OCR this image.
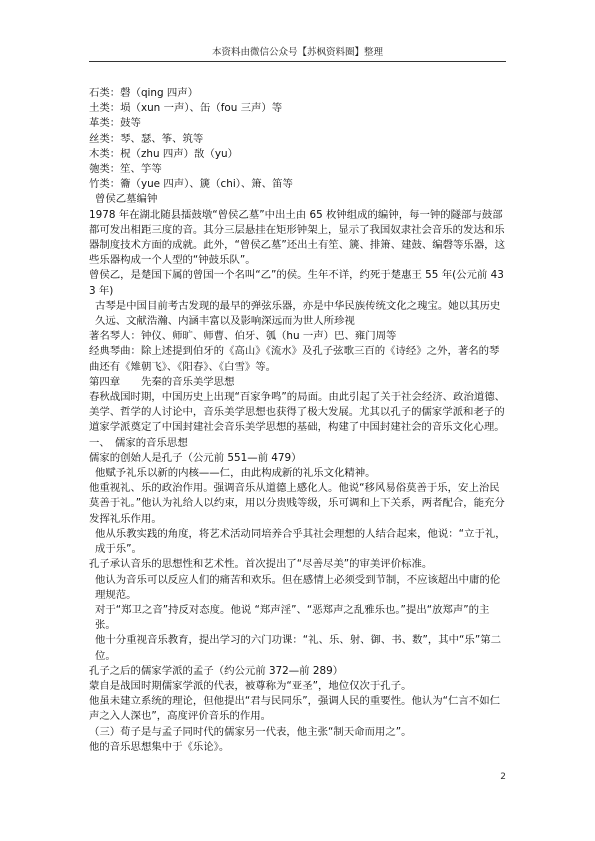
本资料由微信公众号【苏枫资料圈】整理
石类：磬（qing 四声）
土类：埙（xun 一声）、缶（fou 三声）等
革类：鼓等
丝类：琴、瑟、筝、筑等
木类：柷（zhu 四声）敔（yu）
匏类：笙、竽等
竹类：籥（yue 四声）、篪（chi）、箫、笛等
曾侯乙墓编钟
1978 年在湖北随县擂鼓墩“曾侯乙墓”中出土由 65 枚钟组成的编钟，每一钟的隧部与鼓部都可发出相距三度的音。其分三层悬挂在矩形钟架上，显示了我国奴隶社会音乐的发达和乐器制度技术方面的成就。此外，“曾侯乙墓”还出土有笙、篪、排箫、建鼓、编磬等乐器，这些乐器构成一个人型的“钟鼓乐队”。
曾侯乙，是楚国下属的曾国一个名叫“乙”的侯。生年不详，约死于楚惠王 55 年(公元前 433 年)
古琴是中国目前考古发现的最早的弹弦乐器，亦是中华民族传统文化之瑰宝。她以其历史久远、文献浩瀚、内涵丰富以及影响深远而为世人所珍视
著名琴人：钟仪、师旷、师曹、伯牙、瓠（hu 一声）巴、雍门周等
经典琴曲：除上述提到伯牙的《高山》《流水》及孔子弦歌三百的《诗经》之外，著名的琴曲还有《雉朝飞》、《阳春》、《白雪》等。
第四章　　先秦的音乐美学思想
春秋战国时期，中国历史上出现“百家争鸣”的局面。由此引起了关于社会经济、政治道德、美学、哲学的人讨论中，音乐美学思想也获得了极大发展。尤其以孔子的儒家学派和老子的道家学派奠定了中国封建社会音乐美学思想的基础，构建了中国封建社会的音乐文化心理。
一、　儒家的音乐思想
儒家的创始人是孔子（公元前 551—前 479）
他赋予礼乐以新的内核——仁，由此构成新的礼乐文化精神。
他重视礼、乐的政治作用。强调音乐从道德上感化人。他说“移风易俗莫善于乐，安上治民莫善于礼。”他认为礼给人以约束，用以分贵贱等级，乐可调和上下关系，两者配合，能充分发挥礼乐作用。
他从乐教实践的角度，将艺术活动同培养合乎其社会理想的人结合起来，他说：“立于礼，成于乐”。
孔子承认音乐的思想性和艺术性。首次提出了“尽善尽美”的审美评价标准。
他认为音乐可以反应人们的痛苦和欢乐。但在感情上必须受到节制，不应该超出中庸的伦理规范。
对于“郑卫之音”持反对态度。他说 “郑声淫”、“恶郑声之乱雅乐也。”提出“放郑声”的主张。
他十分重视音乐教育，提出学习的六门功课：“礼、乐、射、御、书、数”，其中“乐”第二位。
孔子之后的儒家学派的孟子（约公元前 372—前 289）
蒙自是战国时期儒家学派的代表，被尊称为“亚圣”，地位仅次于孔子。
他虽未建立系统的理论，但他提出“君与民同乐”，强调人民的重要性。他认为“仁言不如仁声之入人深也”，高度评价音乐的作用。
（三）荀子是与孟子同时代的儒家另一代表，他主张“制天命而用之”。
他的音乐思想集中于《乐论》。
2
